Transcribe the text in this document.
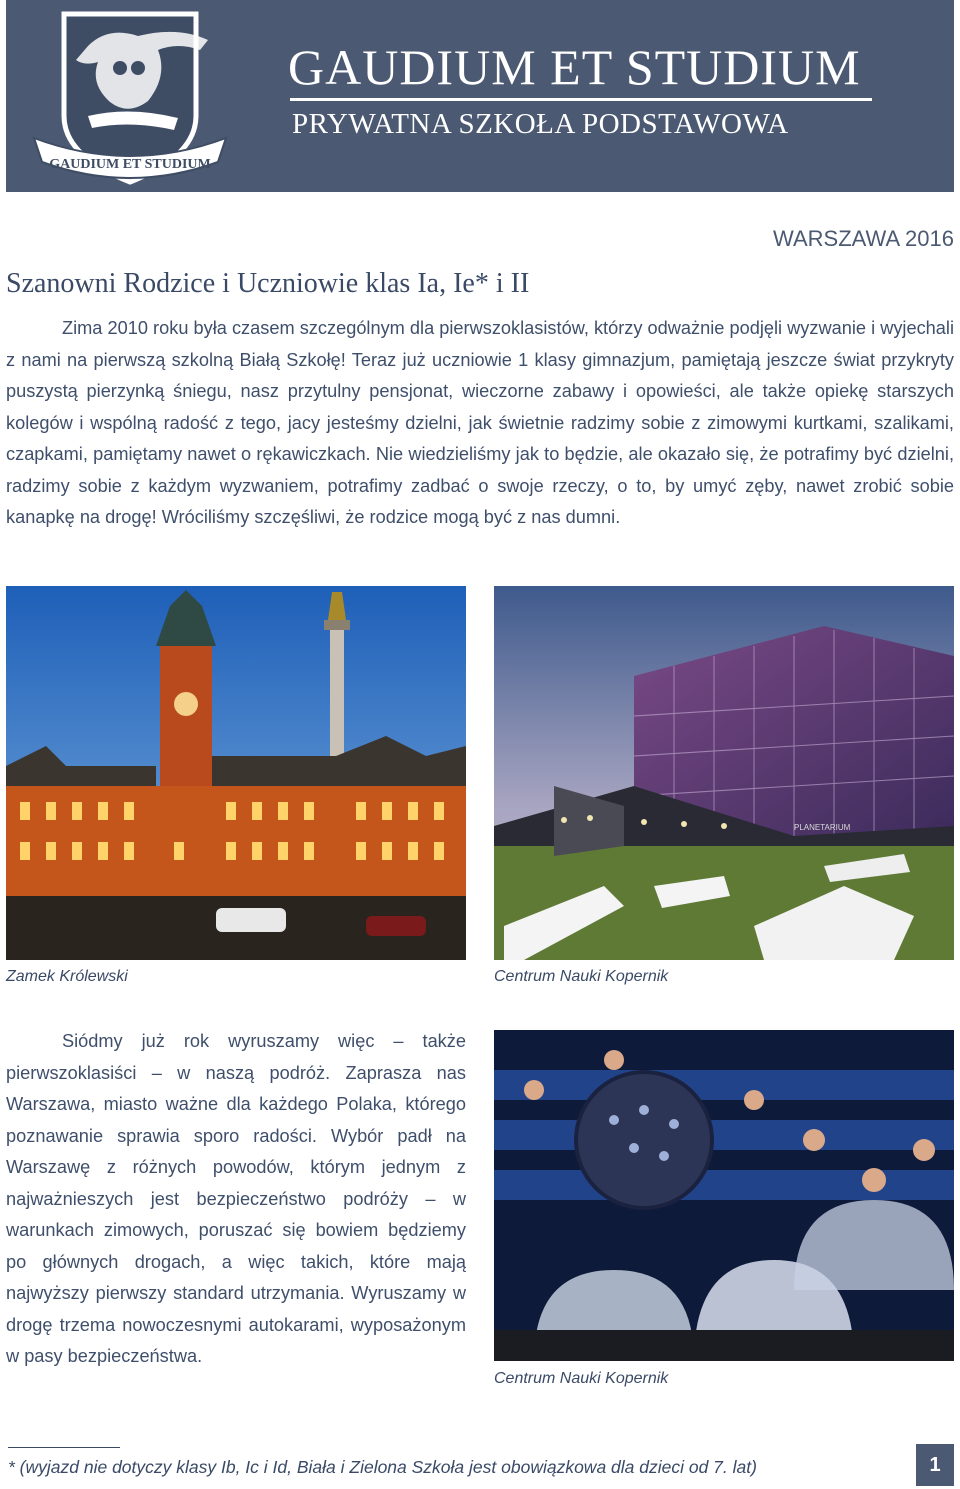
GAUDIUM ET STUDIUM
GAUDIUM ET STUDIUM
PRYWATNA SZKOŁA PODSTAWOWA
WARSZAWA 2016
Szanowni Rodzice i Uczniowie klas Ia, Ie* i II

Zima 2010 roku była czasem szczególnym dla pierwszoklasistów, którzy odważnie podjęli wyzwanie i wyjechali z nami na pierwszą szkolną Białą Szkołę! Teraz już uczniowie 1 klasy gimnazjum, pamiętają jeszcze świat przykryty puszystą pierzynką śniegu, nasz przytulny pensjonat, wieczorne zabawy i opowieści, ale także opiekę starszych kolegów i wspólną radość z tego, jacy jesteśmy dzielni, jak świetnie radzimy sobie z zimowymi kurtkami, szalikami, czapkami, pamiętamy nawet o rękawiczkach. Nie wiedzieliśmy jak to będzie, ale okazało się, że potrafimy być dzielni, radzimy sobie z każdym wyzwaniem, potrafimy zadbać o swoje rzeczy, o to, by umyć zęby, nawet zrobić sobie kanapkę na drogę! Wróciliśmy szczęśliwi, że rodzice mogą być z nas dumni.

Zamek Królewski
PLANETARIUM
Centrum Nauki Kopernik

Siódmy już rok wyruszamy więc – także pierwszoklasiści – w naszą podróż. Zaprasza nas Warszawa, miasto ważne dla każdego Polaka, którego poznawanie sprawia sporo radości. Wybór padł na Warszawę z różnych powodów, którym jednym z najważnieszych jest bezpieczeństwo podróży – w warunkach zimowych, poruszać się bowiem będziemy po głównych drogach, a więc takich, które mają najwyższy pierwszy standard utrzymania. Wyruszamy w drogę trzema nowoczesnymi autokarami, wyposażonym w pasy bezpieczeństwa.

Centrum Nauki Kopernik
* (wyjazd nie dotyczy klasy Ib, Ic i Id, Biała i Zielona Szkoła jest obowiązkowa dla dzieci od 7. lat)	1
